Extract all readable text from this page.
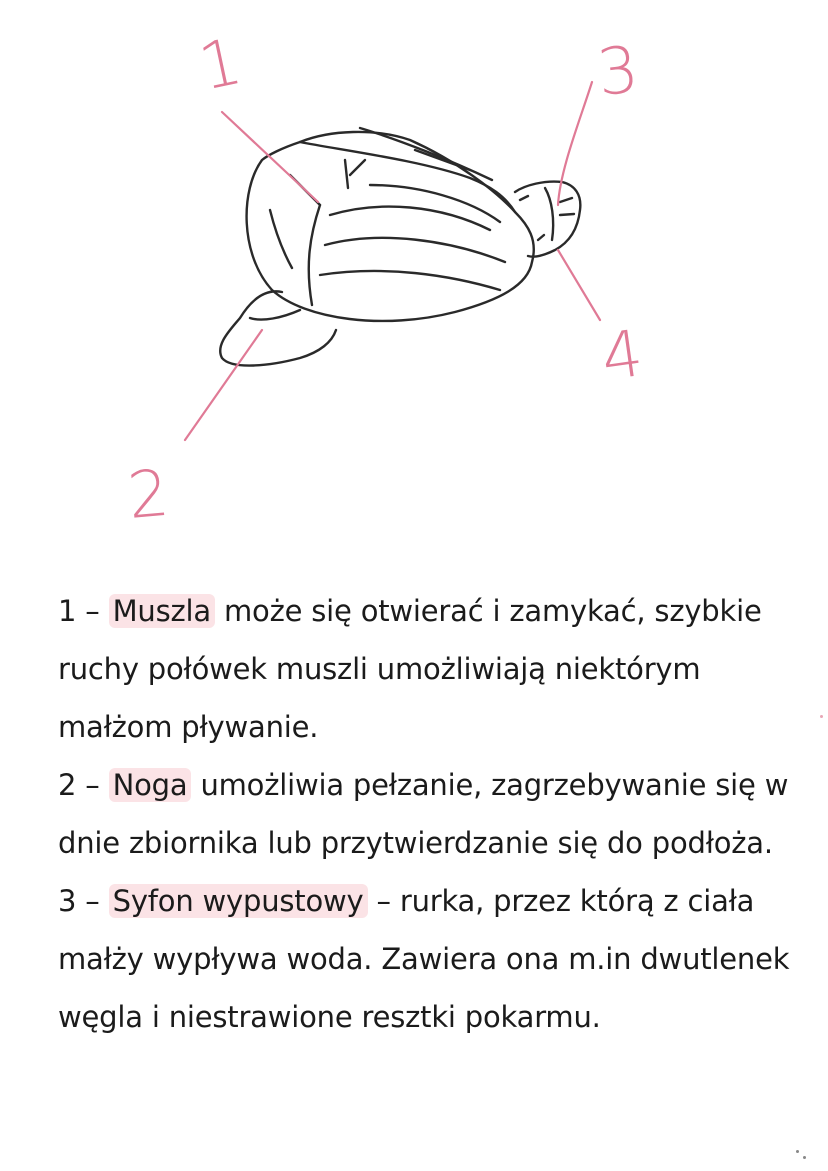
1
2
3
4
1 – Muszla może się otwierać i zamykać, szybkie ruchy połówek muszli umożliwiają niektórym małżom pływanie.
2 – Noga umożliwia pełzanie, zagrzebywanie się w dnie zbiornika lub przytwierdzanie się do podłoża.
3 – Syfon wypustowy – rurka, przez którą z ciała małży wypływa woda. Zawiera ona m.in dwutlenek węgla i niestrawione resztki pokarmu.
